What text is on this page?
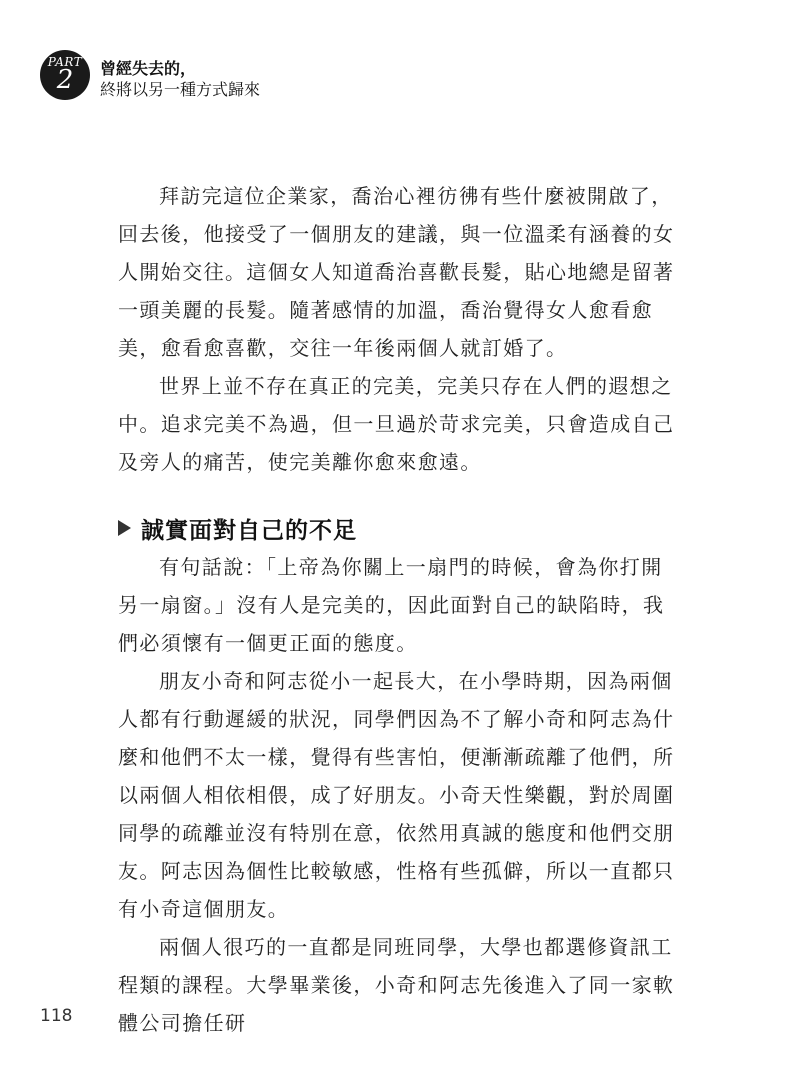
PART
2	曾經失去的，
終將以另一種方式歸來

拜訪完這位企業家，喬治心裡彷彿有些什麼被開啟了，回去後，他接受了一個朋友的建議，與一位溫柔有涵養的女人開始交往。這個女人知道喬治喜歡長髮，貼心地總是留著一頭美麗的長髮。隨著感情的加溫，喬治覺得女人愈看愈美，愈看愈喜歡，交往一年後兩個人就訂婚了。

世界上並不存在真正的完美，完美只存在人們的遐想之中。追求完美不為過，但一旦過於苛求完美，只會造成自己及旁人的痛苦，使完美離你愈來愈遠。

誠實面對自己的不足

有句話說：「上帝為你關上一扇門的時候，會為你打開另一扇窗。」沒有人是完美的，因此面對自己的缺陷時，我們必須懷有一個更正面的態度。

朋友小奇和阿志從小一起長大，在小學時期，因為兩個人都有行動遲緩的狀況，同學們因為不了解小奇和阿志為什麼和他們不太一樣，覺得有些害怕，便漸漸疏離了他們，所以兩個人相依相偎，成了好朋友。小奇天性樂觀，對於周圍同學的疏離並沒有特別在意，依然用真誠的態度和他們交朋友。阿志因為個性比較敏感，性格有些孤僻，所以一直都只有小奇這個朋友。

兩個人很巧的一直都是同班同學，大學也都選修資訊工程類的課程。大學畢業後，小奇和阿志先後進入了同一家軟體公司擔任研

118
